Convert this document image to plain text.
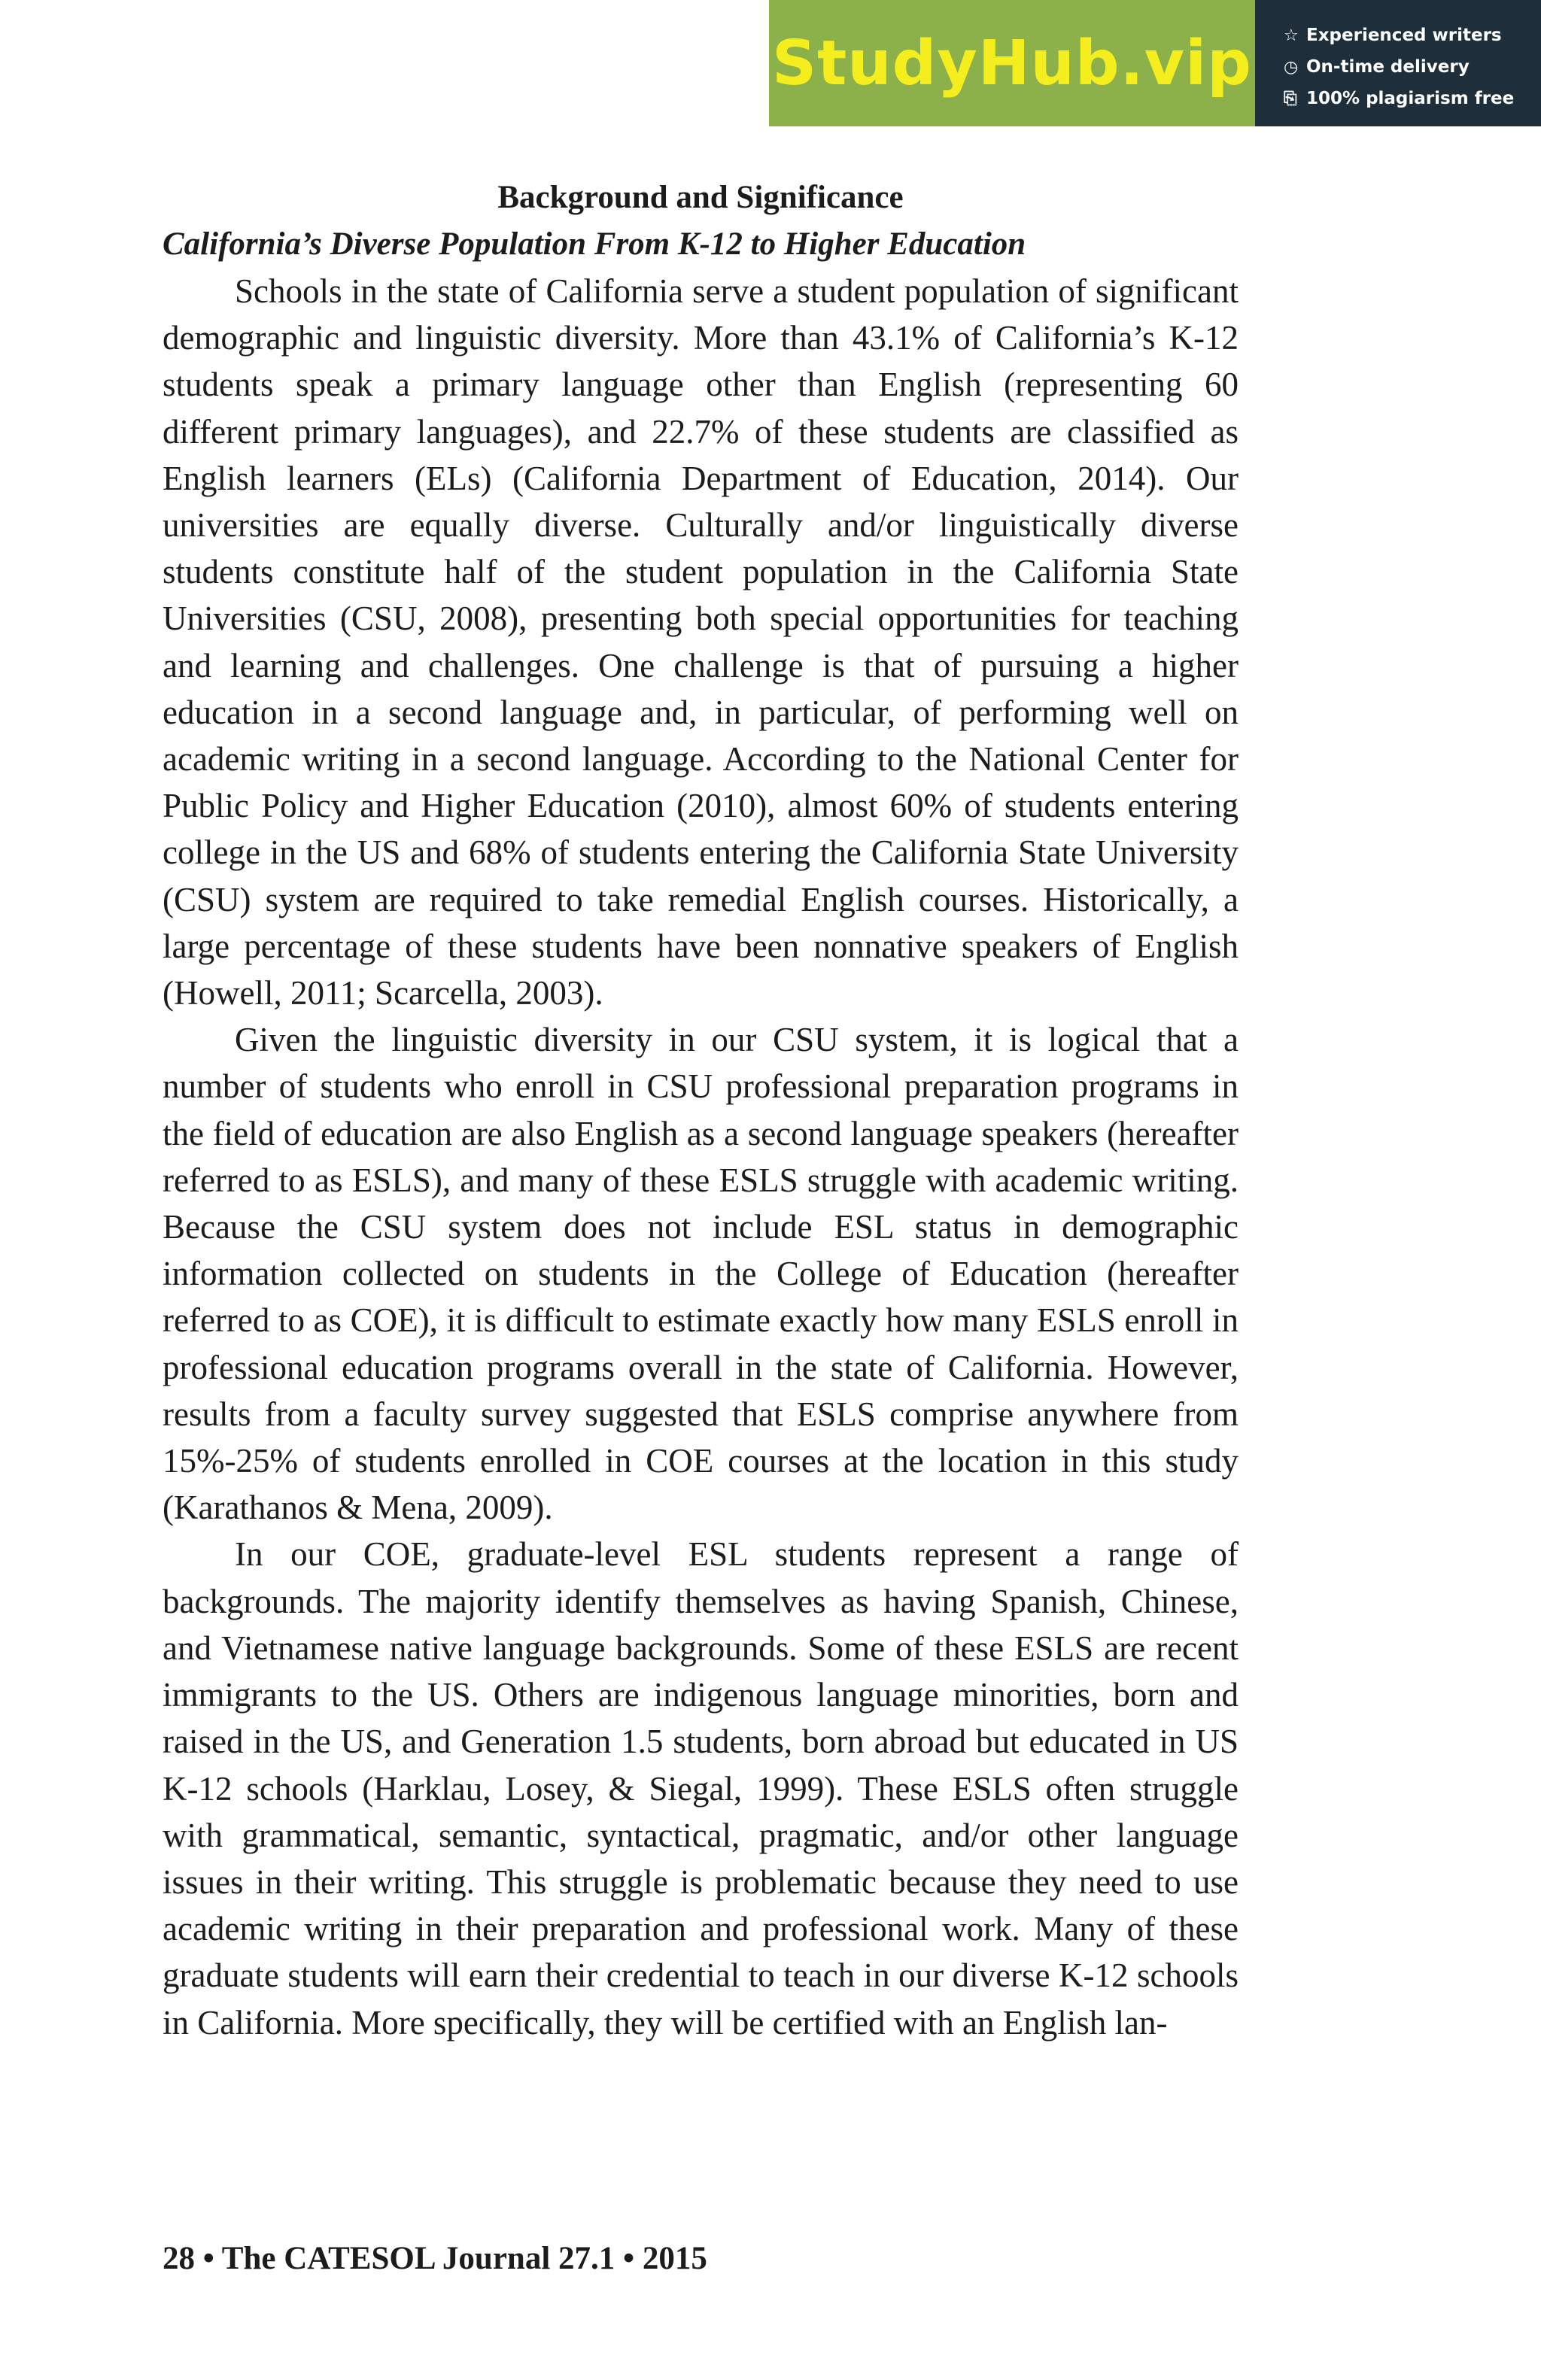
StudyHub.vip ☆ Experienced writers
◷ On-time delivery
⎘ 100% plagiarism free
Background and Significance
California’s Diverse Population From K-12 to Higher Education

Schools in the state of California serve a student population of significant demographic and linguistic diversity. More than 43.1% of California’s K-12 students speak a primary language other than English (representing 60 different primary languages), and 22.7% of these students are classified as English learners (ELs) (California Department of Education, 2014). Our universities are equally diverse. Culturally and/or linguistically diverse students constitute half of the student population in the California State Universities (CSU, 2008), presenting both special opportunities for teaching and learning and challenges. One challenge is that of pursuing a higher education in a second language and, in particular, of performing well on academic writing in a second language. According to the National Center for Public Policy and Higher Education (2010), almost 60% of students entering college in the US and 68% of students entering the California State University (CSU) system are required to take remedial English courses. Historically, a large percentage of these students have been nonnative speakers of English (Howell, 2011; Scarcella, 2003).

Given the linguistic diversity in our CSU system, it is logical that a number of students who enroll in CSU professional preparation programs in the field of education are also English as a second language speakers (hereafter referred to as ESLS), and many of these ESLS struggle with academic writing. Because the CSU system does not include ESL status in demographic information collected on students in the College of Education (hereafter referred to as COE), it is difficult to estimate exactly how many ESLS enroll in professional education programs overall in the state of California. However, results from a faculty survey suggested that ESLS comprise anywhere from 15%-25% of students enrolled in COE courses at the location in this study (Karathanos & Mena, 2009).

In our COE, graduate-level ESL students represent a range of backgrounds. The majority identify themselves as having Spanish, Chinese, and Vietnamese native language backgrounds. Some of these ESLS are recent immigrants to the US. Others are indigenous language minorities, born and raised in the US, and Generation 1.5 students, born abroad but educated in US K-12 schools (Harklau, Losey, & Siegal, 1999). These ESLS often struggle with grammatical, semantic, syntactical, pragmatic, and/or other language issues in their writing. This struggle is problematic because they need to use academic writing in their preparation and professional work. Many of these graduate students will earn their credential to teach in our diverse K-12 schools in California. More specifically, they will be certified with an English lan-

28 • The CATESOL Journal 27.1 • 2015
